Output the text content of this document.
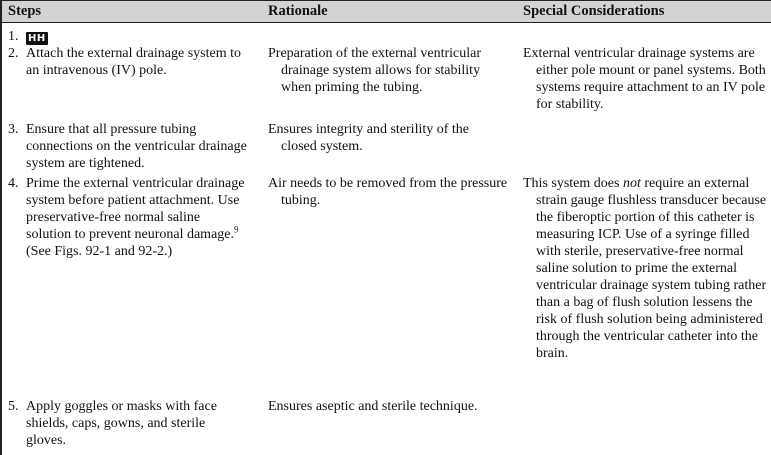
Steps	Rationale	Special Considerations
1. HH
2. Attach the external drainage system to an intravenous (IV) pole.
Preparation of the external ventricular drainage system allows for stability when priming the tubing.
External ventricular drainage systems are either pole mount or panel systems. Both systems require attachment to an IV pole for stability.
3. Ensure that all pressure tubing connections on the ventricular drainage system are tightened.
Ensures integrity and sterility of the closed system.
4. Prime the external ventricular drainage system before patient attachment. Use preservative-free normal saline solution to prevent neuronal damage.$^9$ (See Figs. 92-1 and 92-2.)
Air needs to be removed from the pressure tubing.
This system does not require an external strain gauge flushless transducer because the fiberoptic portion of this catheter is measuring ICP. Use of a syringe filled with sterile, preservative-free normal saline solution to prime the external ventricular drainage system tubing rather than a bag of flush solution lessens the risk of flush solution being administered through the ventricular catheter into the brain.
5. Apply goggles or masks with face shields, caps, gowns, and sterile gloves.
Ensures aseptic and sterile technique.
